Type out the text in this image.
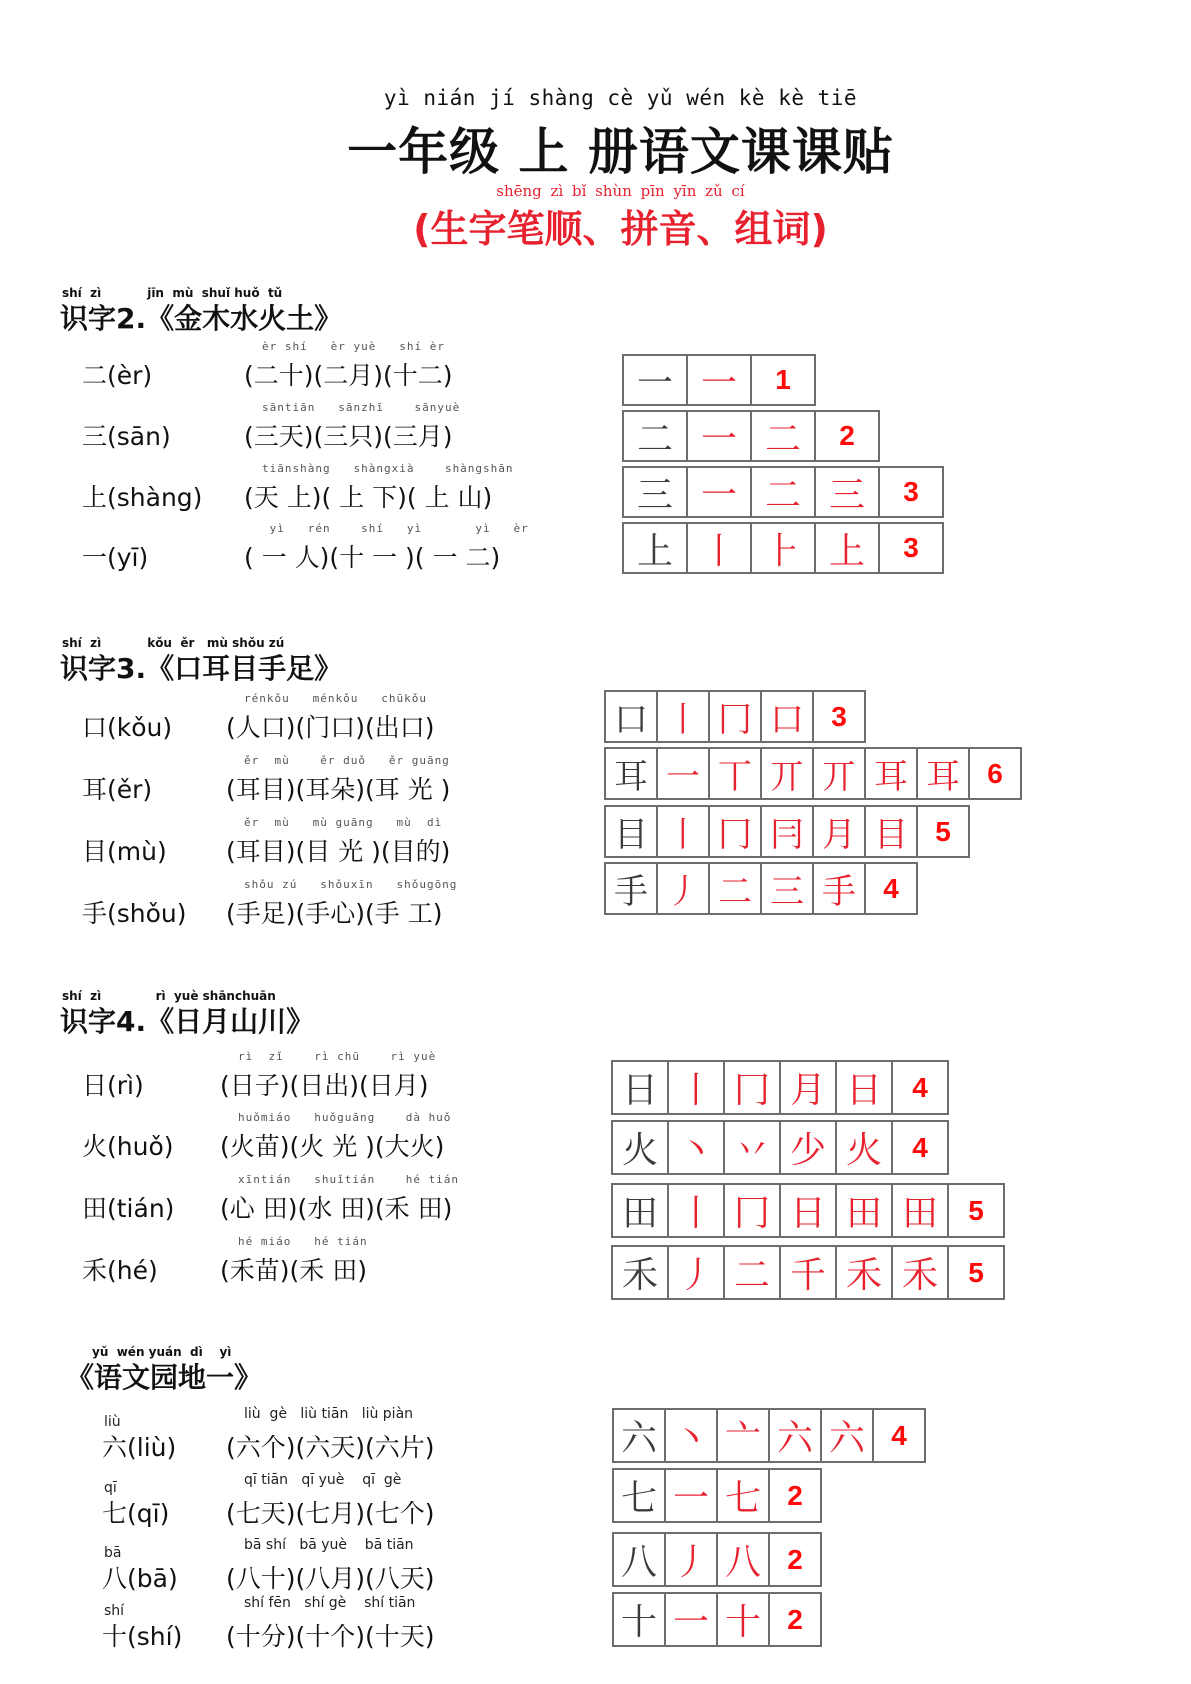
yì nián jí shàng cè yǔ wén kè kè tiē
一年级 上 册语文课课贴
shēng zì bǐ shùn pīn yīn zǔ cí
(生字笔顺、拼音、组词)
shí  zì           jīn  mù  shuǐ huǒ  tǔ
识字2.《金木水火土》
二(èr)
èr shí   èr yuè   shí èr
(二十)(二月)(十二)
三(sān)
sāntiān   sānzhī    sānyuè
(三天)(三只)(三月)
上(shàng)
tiānshàng   shàngxià    shàngshān
(天 上)( 上 下)( 上 山)
一(yī)
yì   rén    shí   yì       yì   èr
( 一 人)(十 一 )( 一 二)
一 一 1
二 一 二 2
三 一 二 三 3
上 丨 ⺊ 上 3
shí  zì           kǒu  ěr   mù shǒu zú
识字3.《口耳目手足》
口(kǒu)
rénkǒu   ménkǒu   chūkǒu
(人口)(门口)(出口)
耳(ěr)
ěr  mù    ěr duǒ   ěr guāng
(耳目)(耳朵)(耳 光 )
目(mù)
ěr  mù   mù guāng   mù  dì
(耳目)(目 光 )(目的)
手(shǒu)
shǒu zú   shǒuxīn   shǒugōng
(手足)(手心)(手 工)
口 丨 冂 口 3
耳 一 丅 丌 丌 耳 耳 6
目 丨 冂 冃 月 目 5
手 丿 二 三 手 4
shí  zì             rì  yuè shānchuān
识字4.《日月山川》
日(rì)
rì  zǐ    rì chū    rì yuè
(日子)(日出)(日月)
火(huǒ)
huǒmiáo   huǒguāng    dà huǒ
(火苗)(火 光 )(大火)
田(tián)
xīntián   shuǐtián    hé tián
(心 田)(水 田)(禾 田)
禾(hé)
hé miáo   hé tián
(禾苗)(禾 田)
日 丨 冂 月 日 4
火 丶 丷 少 火 4
田 丨 冂 日 田 田 5
禾 丿 二 千 禾 禾 5
yǔ  wén yuán  dì    yì
《语文园地一》
liù
六(liù)
liù  gè   liù tiān   liù piàn
(六个)(六天)(六片)
qī
七(qī)
qī tiān   qī yuè    qī  gè
(七天)(七月)(七个)
bā
八(bā)
bā shí   bā yuè    bā tiān
(八十)(八月)(八天)
shí
十(shí)
shí fēn   shí gè    shí tiān
(十分)(十个)(十天)
六 丶 亠 六 六 4
七 一 七 2
八 丿 八 2
十 一 十 2
